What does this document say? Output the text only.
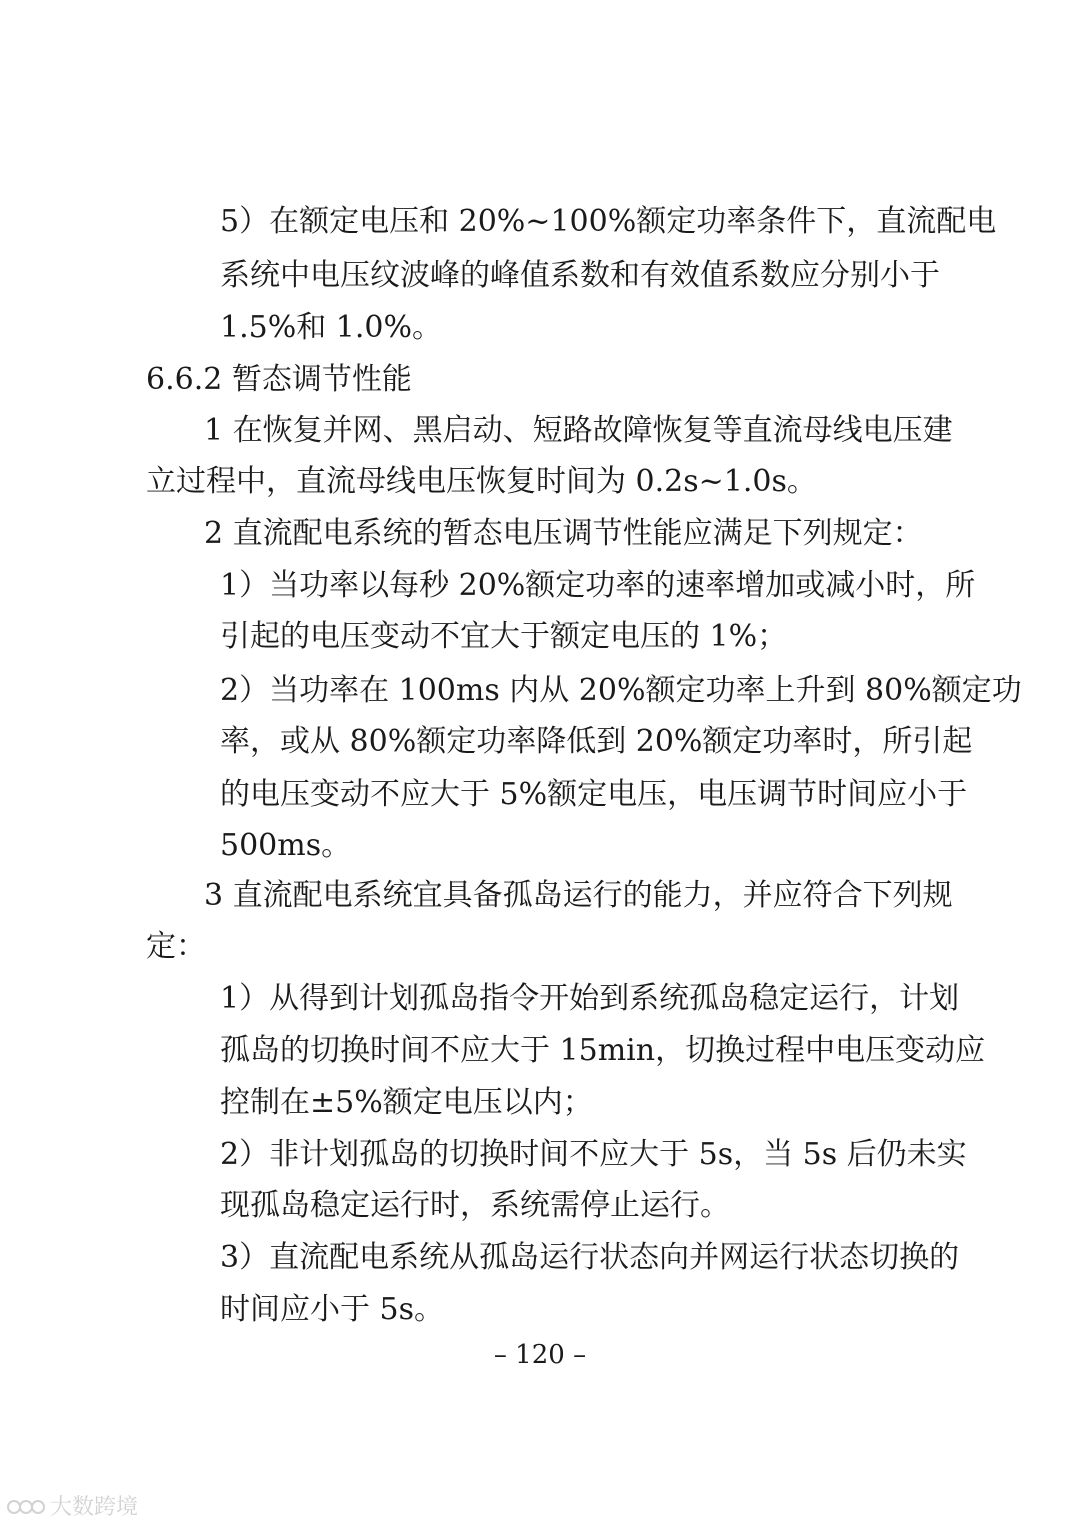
5）在额定电压和 20%~100%额定功率条件下，直流配电

系统中电压纹波峰的峰值系数和有效值系数应分别小于

1.5%和 1.0%。

6.6.2 暂态调节性能

1 在恢复并网、黑启动、短路故障恢复等直流母线电压建

立过程中，直流母线电压恢复时间为 0.2s~1.0s。

2 直流配电系统的暂态电压调节性能应满足下列规定：

1）当功率以每秒 20%额定功率的速率增加或减小时，所

引起的电压变动不宜大于额定电压的 1%；

2）当功率在 100ms 内从 20%额定功率上升到 80%额定功

率，或从 80%额定功率降低到 20%额定功率时，所引起

的电压变动不应大于 5%额定电压，电压调节时间应小于

500ms。

3 直流配电系统宜具备孤岛运行的能力，并应符合下列规

定：

1）从得到计划孤岛指令开始到系统孤岛稳定运行，计划

孤岛的切换时间不应大于 15min，切换过程中电压变动应

控制在±5%额定电压以内；

2）非计划孤岛的切换时间不应大于 5s，当 5s 后仍未实

现孤岛稳定运行时，系统需停止运行。

3）直流配电系统从孤岛运行状态向并网运行状态切换的

时间应小于 5s。

– 120 –
大数跨境
